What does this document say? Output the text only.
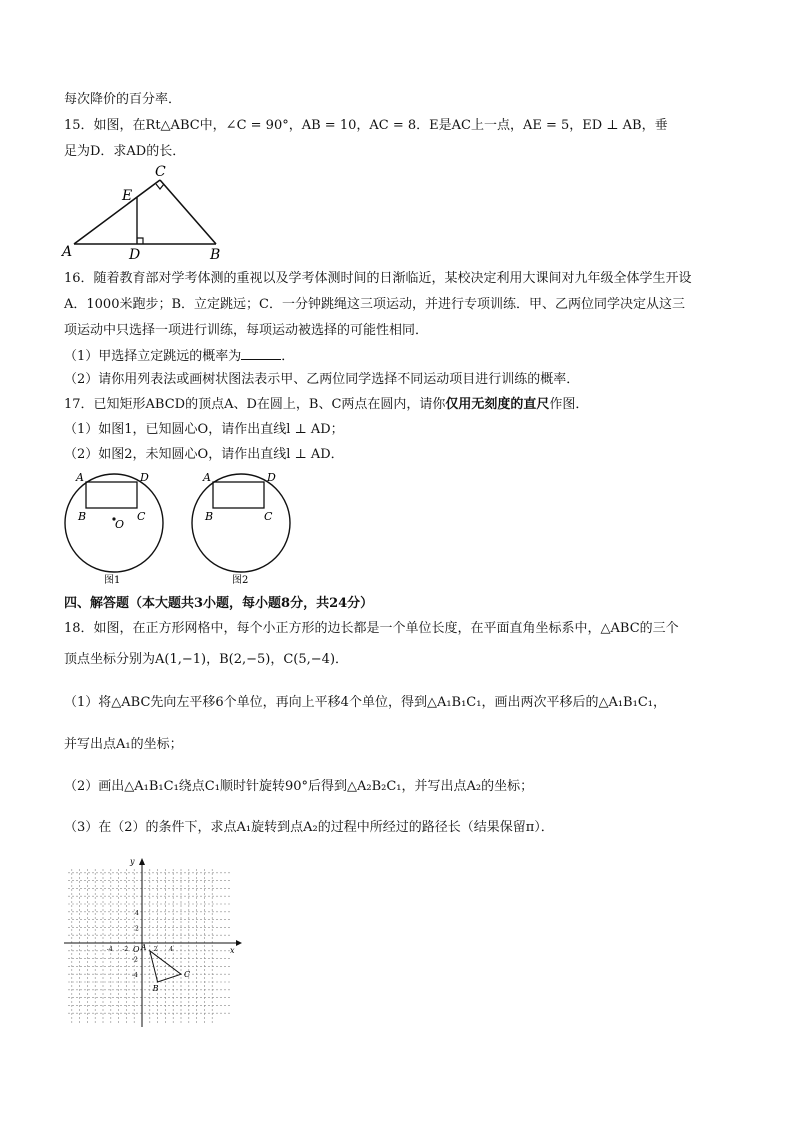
每次降价的百分率．
15．如图，在Rt△ABC中，∠C = 90°，AB = 10，AC = 8．E是AC上一点，AE = 5，ED ⊥ AB，垂
足为D．求AD的长．
A	B
C
D
E
16．随着教育部对学考体测的重视以及学考体测时间的日渐临近，某校决定利用大课间对九年级全体学生开设
A．1000米跑步；B．立定跳远；C．一分钟跳绳这三项运动，并进行专项训练．甲、乙两位同学决定从这三
项运动中只选择一项进行训练，每项运动被选择的可能性相同．
（1）甲选择立定跳远的概率为	．
（2）请你用列表法或画树状图法表示甲、乙两位同学选择不同运动项目进行训练的概率．
17．已知矩形ABCD的顶点A、D在圆上，B、C两点在圆内，请你仅用无刻度的直尺作图．
（1）如图1，已知圆心O，请作出直线l ⊥ AD；
（2）如图2，未知圆心O，请作出直线l ⊥ AD．
A	D
B	C
O
图1
A	D
B	C
图2
四、解答题（本大题共3小题，每小题8分，共24分）
18．如图，在正方形网格中，每个小正方形的边长都是一个单位长度，在平面直角坐标系中，△ABC的三个
顶点坐标分别为A(1,−1)，B(2,−5)，C(5,−4)．
（1）将△ABC先向左平移6个单位，再向上平移4个单位，得到△A₁B₁C₁，画出两次平移后的△A₁B₁C₁，
并写出点A₁的坐标；
（2）画出△A₁B₁C₁绕点C₁顺时针旋转90°后得到△A₂B₂C₁，并写出点A₂的坐标；
（3）在（2）的条件下，求点A₁旋转到点A₂的过程中所经过的路径长（结果保留π）．
x
y
O
-4 -2	2 4
4
2
-2
-4
A
B
C
